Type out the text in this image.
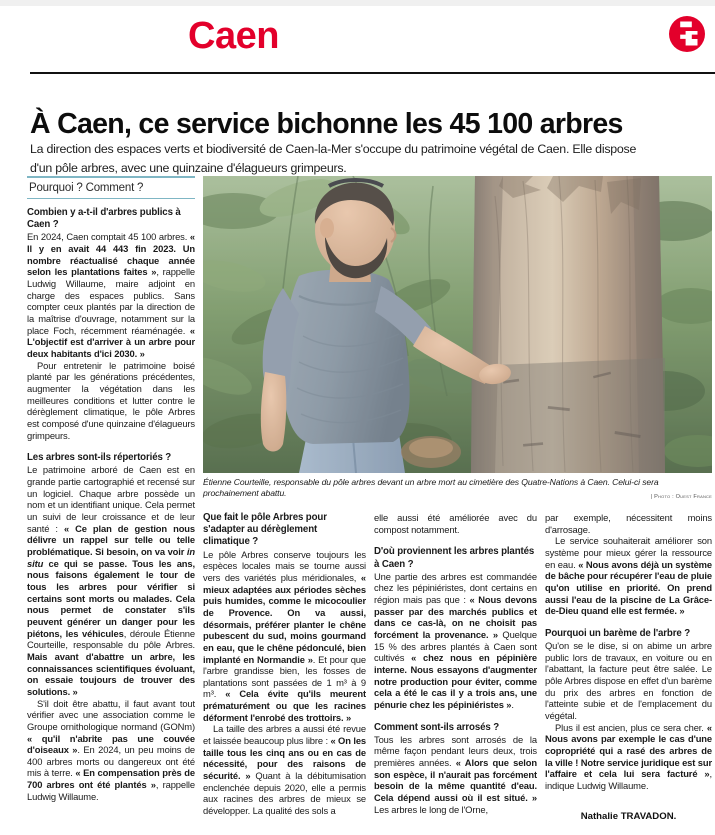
Caen
À Caen, ce service bichonne les 45 100 arbres

La direction des espaces verts et biodiversité de Caen-la-Mer s'occupe du patrimoine végétal de Caen. Elle dispose d'un pôle arbres, avec une quinzaine d'élagueurs grimpeurs.

Pourquoi ? Comment ?
Étienne Courteille, responsable du pôle arbres devant un arbre mort au cimetière des Quatre-Nations à Caen. Celui-ci sera prochainement abattu.	| Photo : Ouest France

Combien y a-t-il d'arbres publics à Caen ?

En 2024, Caen comptait 45 100 arbres. « Il y en avait 44 443 fin 2023. Un nombre réactualisé chaque année selon les plantations faites », rappelle Ludwig Willaume, maire adjoint en charge des espaces publics. Sans compter ceux plantés par la direction de la maîtrise d'ouvrage, notamment sur la place Foch, récemment réaménagée. « L'objectif est d'arriver à un arbre pour deux habitants d'ici 2030. »

Pour entretenir le patrimoine boisé planté par les générations précédentes, augmenter la végétation dans les meilleures conditions et lutter contre le dérèglement climatique, le pôle Arbres est composé d'une quinzaine d'élagueurs grimpeurs.

Les arbres sont-ils répertoriés ?

Le patrimoine arboré de Caen est en grande partie cartographié et recensé sur un logiciel. Chaque arbre possède un nom et un identifiant unique. Cela permet un suivi de leur croissance et de leur santé : « Ce plan de gestion nous délivre un rappel sur telle ou telle problématique. Si besoin, on va voir in situ ce qui se passe. Tous les ans, nous faisons également le tour de tous les arbres pour vérifier si certains sont morts ou malades. Cela nous permet de constater s'ils peuvent générer un danger pour les piétons, les véhicules, déroule Étienne Courteille, responsable du pôle Arbres. Mais avant d'abattre un arbre, les connaissances scientifiques évoluant, on essaie toujours de trouver des solutions. »

S'il doit être abattu, il faut avant tout vérifier avec une association comme le Groupe ornithologique normand (GONm) « qu'il n'abrite pas une couvée d'oiseaux ». En 2024, un peu moins de 400 arbres morts ou dangereux ont été mis à terre. « En compensation près de 700 arbres ont été plantés », rappelle Ludwig Willaume.

Que fait le pôle Arbres pour s'adapter au dérèglement climatique ?

Le pôle Arbres conserve toujours les espèces locales mais se tourne aussi vers des variétés plus méridionales, « mieux adaptées aux périodes sèches puis humides, comme le micocoulier de Provence. On va aussi, désormais, préférer planter le chêne pubescent du sud, moins gourmand en eau, que le chêne pédonculé, bien implanté en Normandie ». Et pour que l'arbre grandisse bien, les fosses de plantations sont passées de 1 m³ à 9 m³. « Cela évite qu'ils meurent prématurément ou que les racines déforment l'enrobé des trottoirs. »

La taille des arbres a aussi été revue et laissée beaucoup plus libre : « On les taille tous les cinq ans ou en cas de nécessité, pour des raisons de sécurité. » Quant à la débitumisation enclenchée depuis 2020, elle a permis aux racines des arbres de mieux se développer. La qualité des sols a

elle aussi été améliorée avec du compost notamment.

D'où proviennent les arbres plantés à Caen ?

Une partie des arbres est commandée chez les pépiniéristes, dont certains en région mais pas que : « Nous devons passer par des marchés publics et dans ce cas-là, on ne choisit pas forcément la provenance. » Quelque 15 % des arbres plantés à Caen sont cultivés « chez nous en pépinière interne. Nous essayons d'augmenter notre production pour éviter, comme cela a été le cas il y a trois ans, une pénurie chez les pépiniéristes ».

Comment sont-ils arrosés ?

Tous les arbres sont arrosés de la même façon pendant leurs deux, trois premières années. « Alors que selon son espèce, il n'aurait pas forcément besoin de la même quantité d'eau. Cela dépend aussi où il est situé. » Les arbres le long de l'Orne,

par exemple, nécessitent moins d'arrosage.

Le service souhaiterait améliorer son système pour mieux gérer la ressource en eau. « Nous avons déjà un système de bâche pour récupérer l'eau de pluie qu'on utilise en priorité. On prend aussi l'eau de la piscine de La Grâce-de-Dieu quand elle est fermée. »

Pourquoi un barème de l'arbre ?

Qu'on se le dise, si on abime un arbre public lors de travaux, en voiture ou en l'abattant, la facture peut être salée. Le pôle Arbres dispose en effet d'un barème du prix des arbres en fonction de l'atteinte subie et de l'emplacement du végétal.

Plus il est ancien, plus ce sera cher. « Nous avons par exemple le cas d'une copropriété qui a rasé des arbres de la ville ! Notre service juridique est sur l'affaire et cela lui sera facturé », indique Ludwig Willaume.

Nathalie TRAVADON.
